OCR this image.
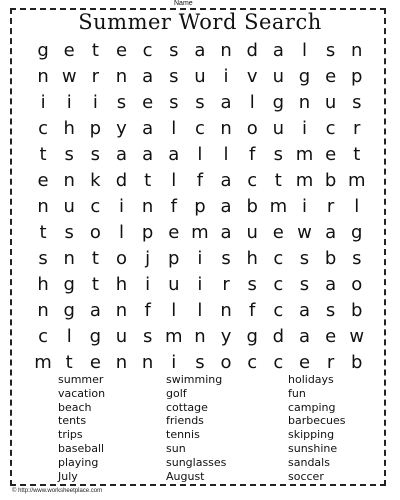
Name
Summer Word Search
g e t e c s a n d a	l	s n
n w r n a s u i	v u g e p
i	i	i	s e s s a	l g n u s
c h p y a	l	c n o u i	c r
t s s a a a	l	l	f	s m e t
e n k d t	l	f a c t m b m
n u c	i n f p a b m i	r	l
t s o	l p e m a u e w a g
s n t o	j p i	s h c s b s
h g t h i u i	r s c s a o
n g a n f	l	l n f	c a s b
c	l g u s m n y g d a e w
m t e n n i	s o c c e r b
summer
vacation
beach
tents
trips
baseball
playing
July
swimming
golf
cottage
friends
tennis
sun
sunglasses
August
holidays
fun
camping
barbecues
skipping
sunshine
sandals
soccer
© http://www.worksheetplace.com
